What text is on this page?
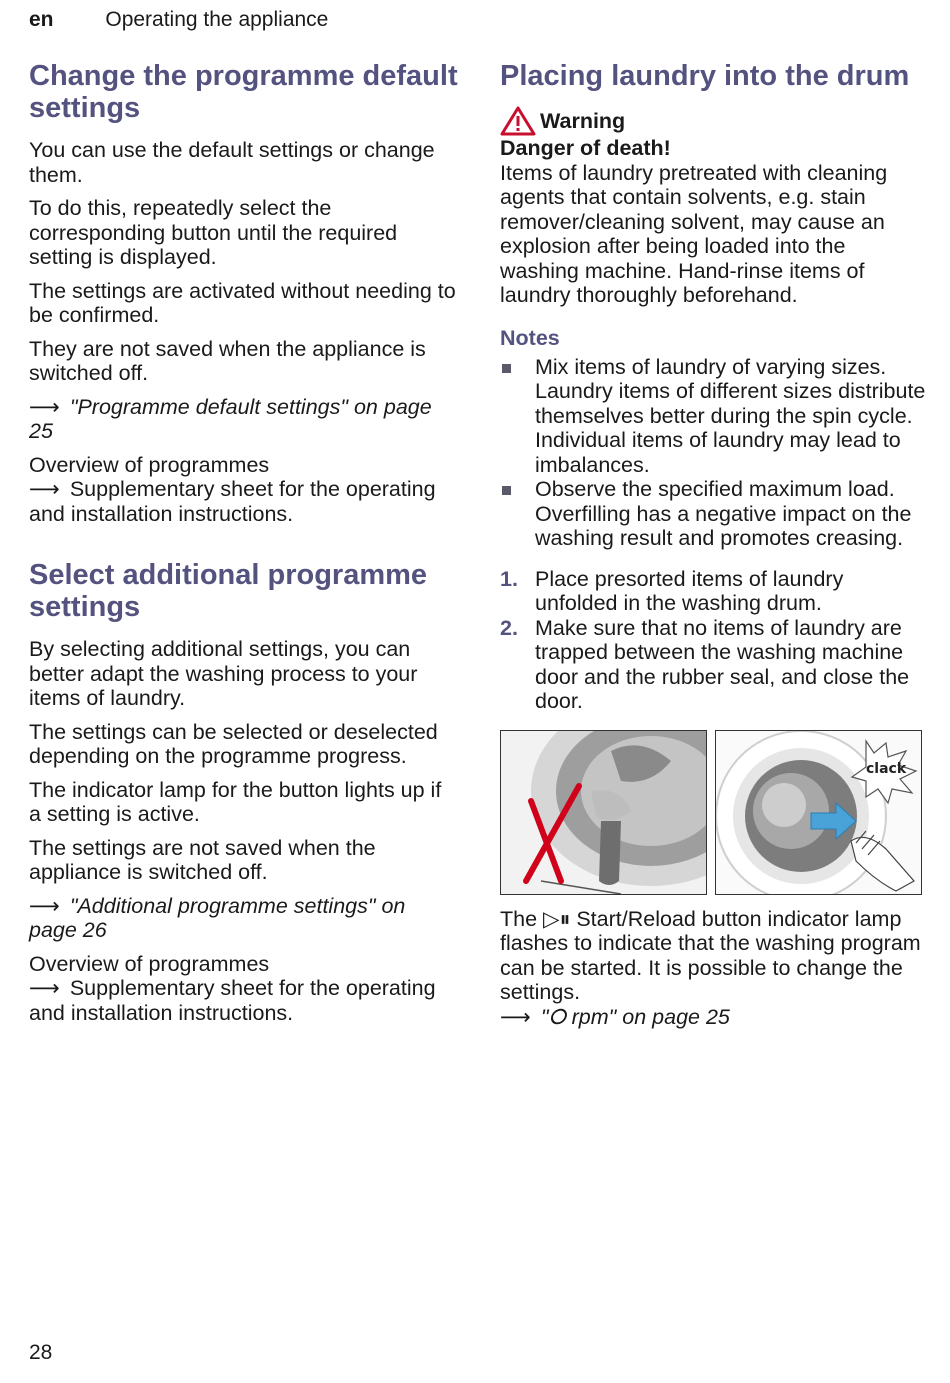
en Operating the appliance
Change the programme default settings

You can use the default settings or change them.

To do this, repeatedly select the corresponding button until the required setting is displayed.

The settings are activated without needing to be confirmed.

They are not saved when the appliance is switched off.

⟶ "Programme default settings" on page 25
Overview of programmes
⟶ Supplementary sheet for the operating and installation instructions.
Select additional programme settings

By selecting additional settings, you can better adapt the washing process to your items of laundry.

The settings can be selected or deselected depending on the programme progress.

The indicator lamp for the button lights up if a setting is active.

The settings are not saved when the appliance is switched off.

⟶ "Additional programme settings" on page 26
Overview of programmes
⟶ Supplementary sheet for the operating and installation instructions.
Placing laundry into the drum
Warning

Danger of death!

Items of laundry pretreated with cleaning agents that contain solvents, e.g. stain remover/cleaning solvent, may cause an explosion after being loaded into the washing machine. Hand-rinse items of laundry thoroughly beforehand.

Notes
Mix items of laundry of varying sizes. Laundry items of different sizes distribute themselves better during the spin cycle. Individual items of laundry may lead to imbalances.
Observe the specified maximum load. Overfilling has a negative impact on the washing result and promotes creasing.
1. Place presorted items of laundry unfolded in the washing drum.
2. Make sure that no items of laundry are trapped between the washing machine door and the rubber seal, and close the door.
clack

The ▷⏸ Start/Reload button indicator lamp flashes to indicate that the washing program can be started. It is possible to change the settings.

⟶ "⭘ rpm" on page 25
28
